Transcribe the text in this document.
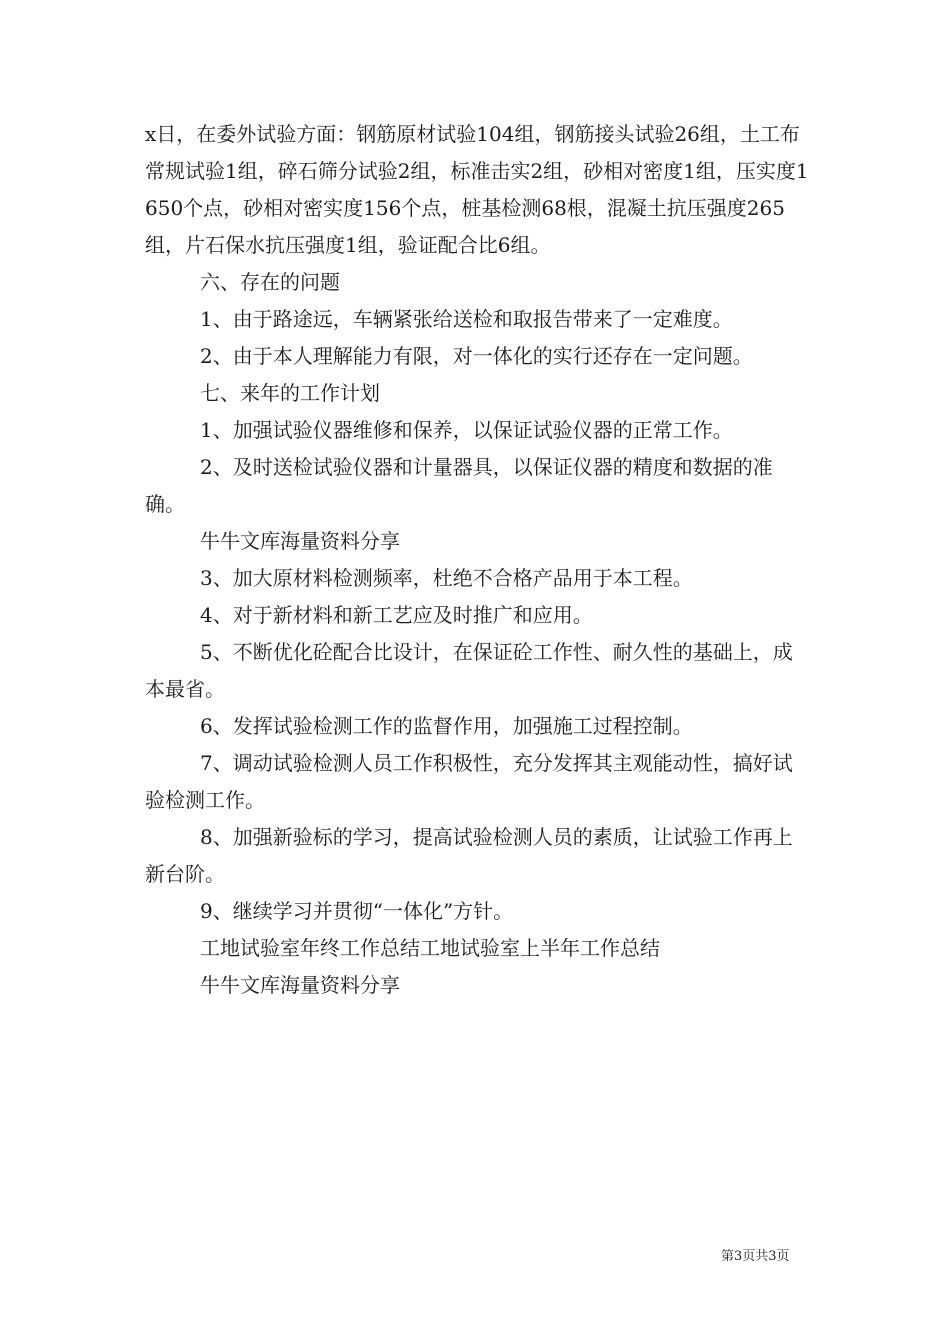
x日，在委外试验方面：钢筋原材试验104组，钢筋接头试验26组，土工布常规试验1组，碎石筛分试验2组，标准击实2组，砂相对密度1组，压实度1650个点，砂相对密实度156个点，桩基检测68根，混凝土抗压强度265组，片石保水抗压强度1组，验证配合比6组。

六、存在的问题

1、由于路途远，车辆紧张给送检和取报告带来了一定难度。

2、由于本人理解能力有限，对一体化的实行还存在一定问题。

七、来年的工作计划

1、加强试验仪器维修和保养，以保证试验仪器的正常工作。

2、及时送检试验仪器和计量器具，以保证仪器的精度和数据的准确。

牛牛文库海量资料分享

3、加大原材料检测频率，杜绝不合格产品用于本工程。

4、对于新材料和新工艺应及时推广和应用。

5、不断优化砼配合比设计，在保证砼工作性、耐久性的基础上，成本最省。

6、发挥试验检测工作的监督作用，加强施工过程控制。

7、调动试验检测人员工作积极性，充分发挥其主观能动性，搞好试验检测工作。

8、加强新验标的学习，提高试验检测人员的素质，让试验工作再上新台阶。

9、继续学习并贯彻“一体化”方针。

工地试验室年终工作总结工地试验室上半年工作总结

牛牛文库海量资料分享

第3页共3页
